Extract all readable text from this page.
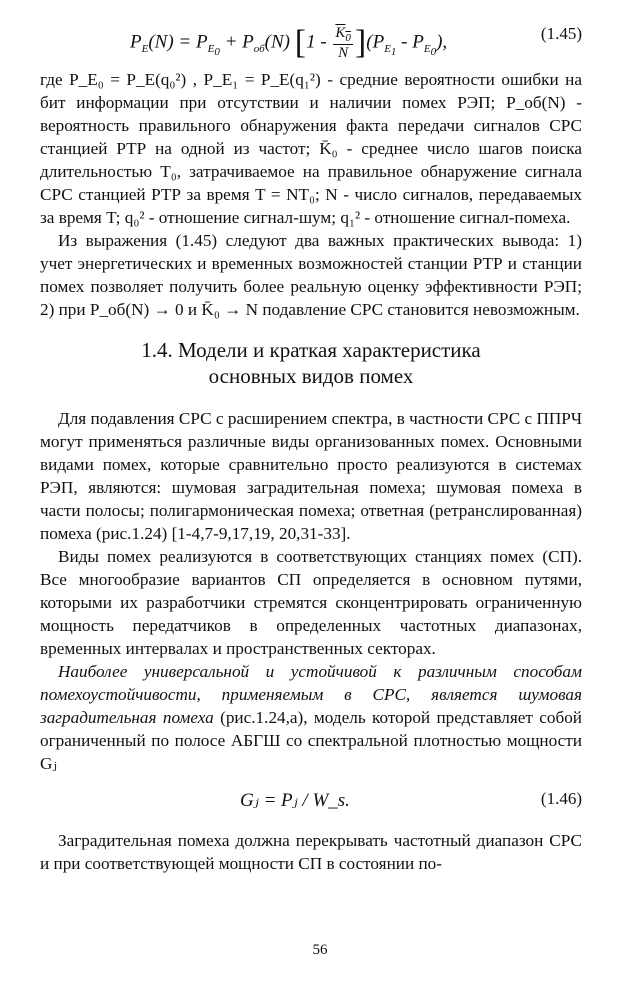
$P_E(N) = P_{E_0} + P_{об}(N)$ $[1 - \frac{K_0}{N} ](P_{E_1} - P_{E_0})$,	(1.45)

где P_E₀ = P_E(q₀²) , P_E₁ = P_E(q₁²) - средние вероятности ошибки на бит информации при отсутствии и наличии помех РЭП; P_об(N) - вероятность правильного обнаружения факта передачи сигналов СРС станцией РТР на одной из частот; K̄₀ - среднее число шагов поиска длительностью T₀, затрачиваемое на правильное обнаружение сигнала СРС станцией РТР за время T = NT₀; N - число сигналов, передаваемых за время T; q₀² - отношение сигнал-шум; q₁² - отношение сигнал-помеха.

Из выражения (1.45) следуют два важных практических вывода: 1) учет энергетических и временных возможностей станции РТР и станции помех позволяет получить более реальную оценку эффективности РЭП; 2) при P_об(N) → 0 и K̄₀ → N подавление СРС становится невозможным.

1.4. Модели и краткая характеристика
основных видов помех

Для подавления СРС с расширением спектра, в частности СРС с ППРЧ могут применяться различные виды организованных помех. Основными видами помех, которые сравнительно просто реализуются в системах РЭП, являются: шумовая заградительная помеха; шумовая помеха в части полосы; полигармоническая помеха; ответная (ретранслированная) помеха (рис.1.24) [1-4,7-9,17,19, 20,31-33].

Виды помех реализуются в соответствующих станциях помех (СП). Все многообразие вариантов СП определяется в основном путями, которыми их разработчики стремятся сконцентрировать ограниченную мощность передатчиков в определенных частотных диапазонах, временных интервалах и пространственных секторах.

Наиболее универсальной и устойчивой к различным способам помехоустойчивости, применяемым в СРС, является шумовая заградительная помеха (рис.1.24,а), модель которой представляет собой ограниченный по полосе АБГШ со спектральной плотностью мощности Gⱼ

Gⱼ = Pⱼ / W_s.	(1.46)

Заградительная помеха должна перекрывать частотный диапазон СРС и при соответствующей мощности СП в состоянии по-

56
